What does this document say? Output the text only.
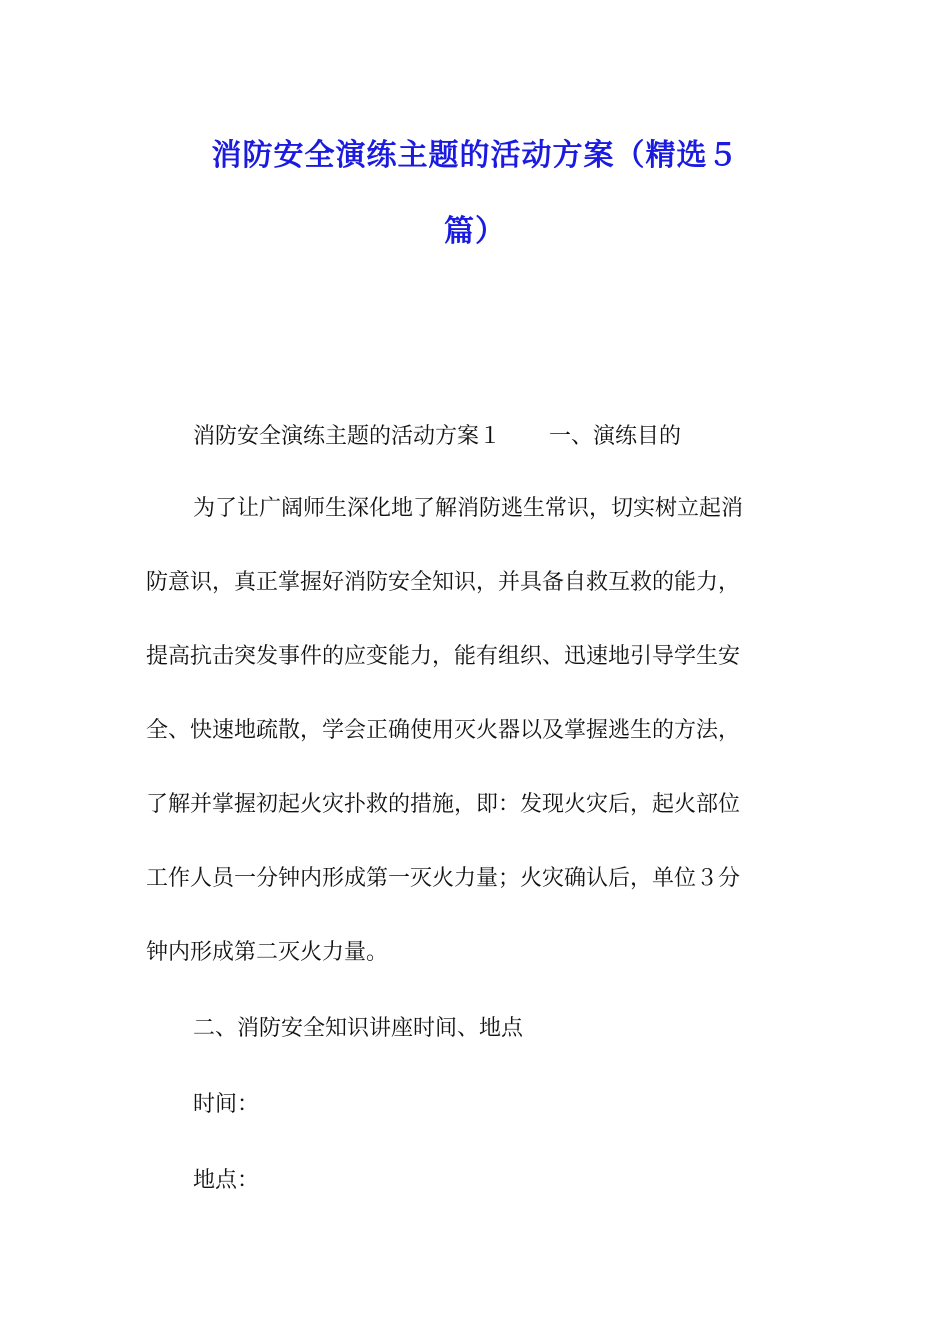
消防安全演练主题的活动方案（精选５
篇）
消防安全演练主题的活动方案１ 一、演练目的
为了让广阔师生深化地了解消防逃生常识，切实树立起消
防意识，真正掌握好消防安全知识，并具备自救互救的能力，
提高抗击突发事件的应变能力，能有组织、迅速地引导学生安
全、快速地疏散，学会正确使用灭火器以及掌握逃生的方法，
了解并掌握初起火灾扑救的措施，即：发现火灾后，起火部位
工作人员一分钟内形成第一灭火力量；火灾确认后，单位３分
钟内形成第二灭火力量。
二、消防安全知识讲座时间、地点
时间：
地点：
